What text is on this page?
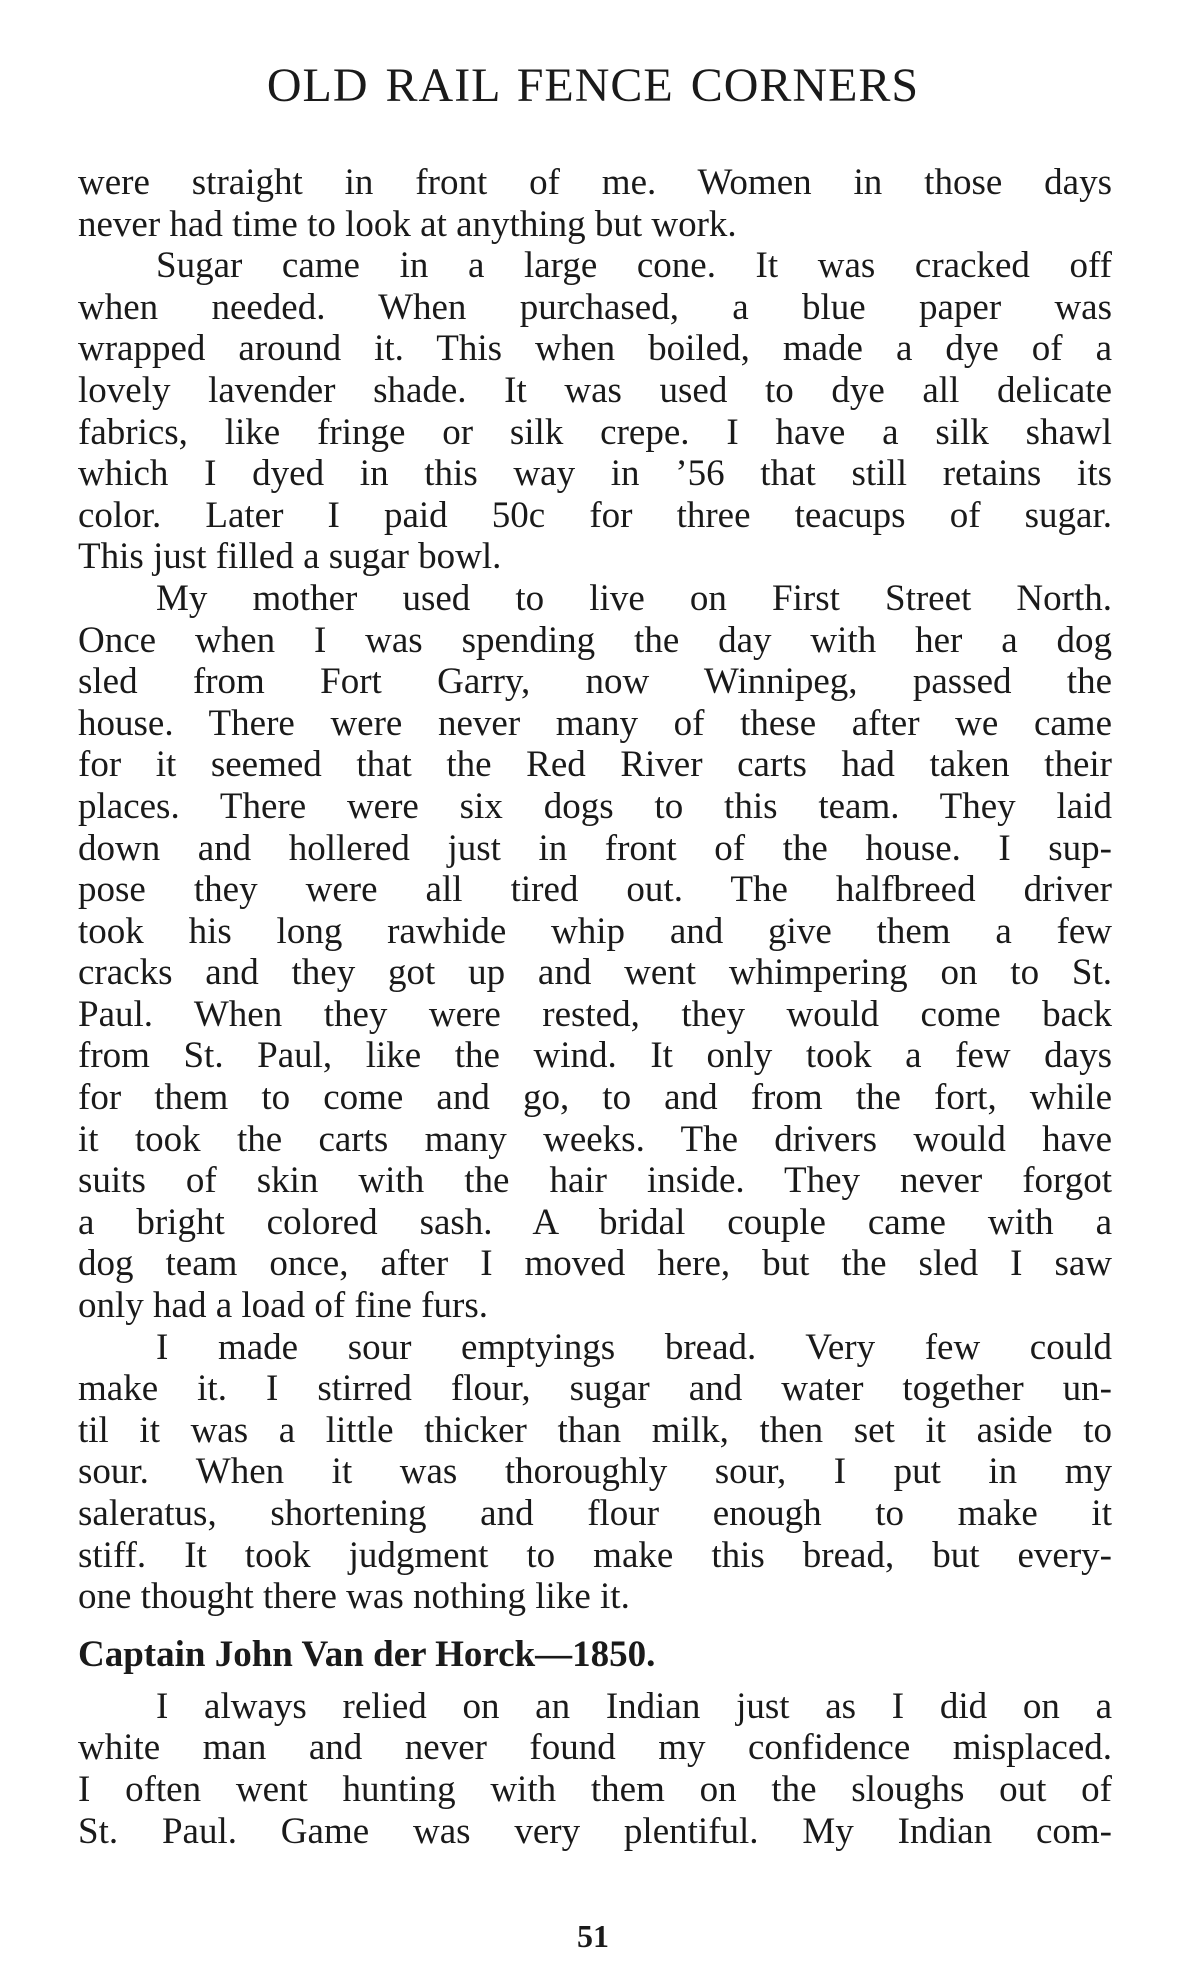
OLD RAIL FENCE CORNERS
were straight in front of me. Women in those days
never had time to look at anything but work.
Sugar came in a large cone. It was cracked off
when needed. When purchased, a blue paper was
wrapped around it. This when boiled, made a dye of a
lovely lavender shade. It was used to dye all delicate
fabrics, like fringe or silk crepe. I have a silk shawl
which I dyed in this way in ’56 that still retains its
color. Later I paid 50c for three teacups of sugar.
This just filled a sugar bowl.
My mother used to live on First Street North.
Once when I was spending the day with her a dog
sled from Fort Garry, now Winnipeg, passed the
house. There were never many of these after we came
for it seemed that the Red River carts had taken their
places. There were six dogs to this team. They laid
down and hollered just in front of the house. I sup-
pose they were all tired out. The halfbreed driver
took his long rawhide whip and give them a few
cracks and they got up and went whimpering on to St.
Paul. When they were rested, they would come back
from St. Paul, like the wind. It only took a few days
for them to come and go, to and from the fort, while
it took the carts many weeks. The drivers would have
suits of skin with the hair inside. They never forgot
a bright colored sash. A bridal couple came with a
dog team once, after I moved here, but the sled I saw
only had a load of fine furs.
I made sour emptyings bread. Very few could
make it. I stirred flour, sugar and water together un-
til it was a little thicker than milk, then set it aside to
sour. When it was thoroughly sour, I put in my
saleratus, shortening and flour enough to make it
stiff. It took judgment to make this bread, but every-
one thought there was nothing like it.
Captain John Van der Horck—1850.
I always relied on an Indian just as I did on a
white man and never found my confidence misplaced.
I often went hunting with them on the sloughs out of
St. Paul. Game was very plentiful. My Indian com-
51
